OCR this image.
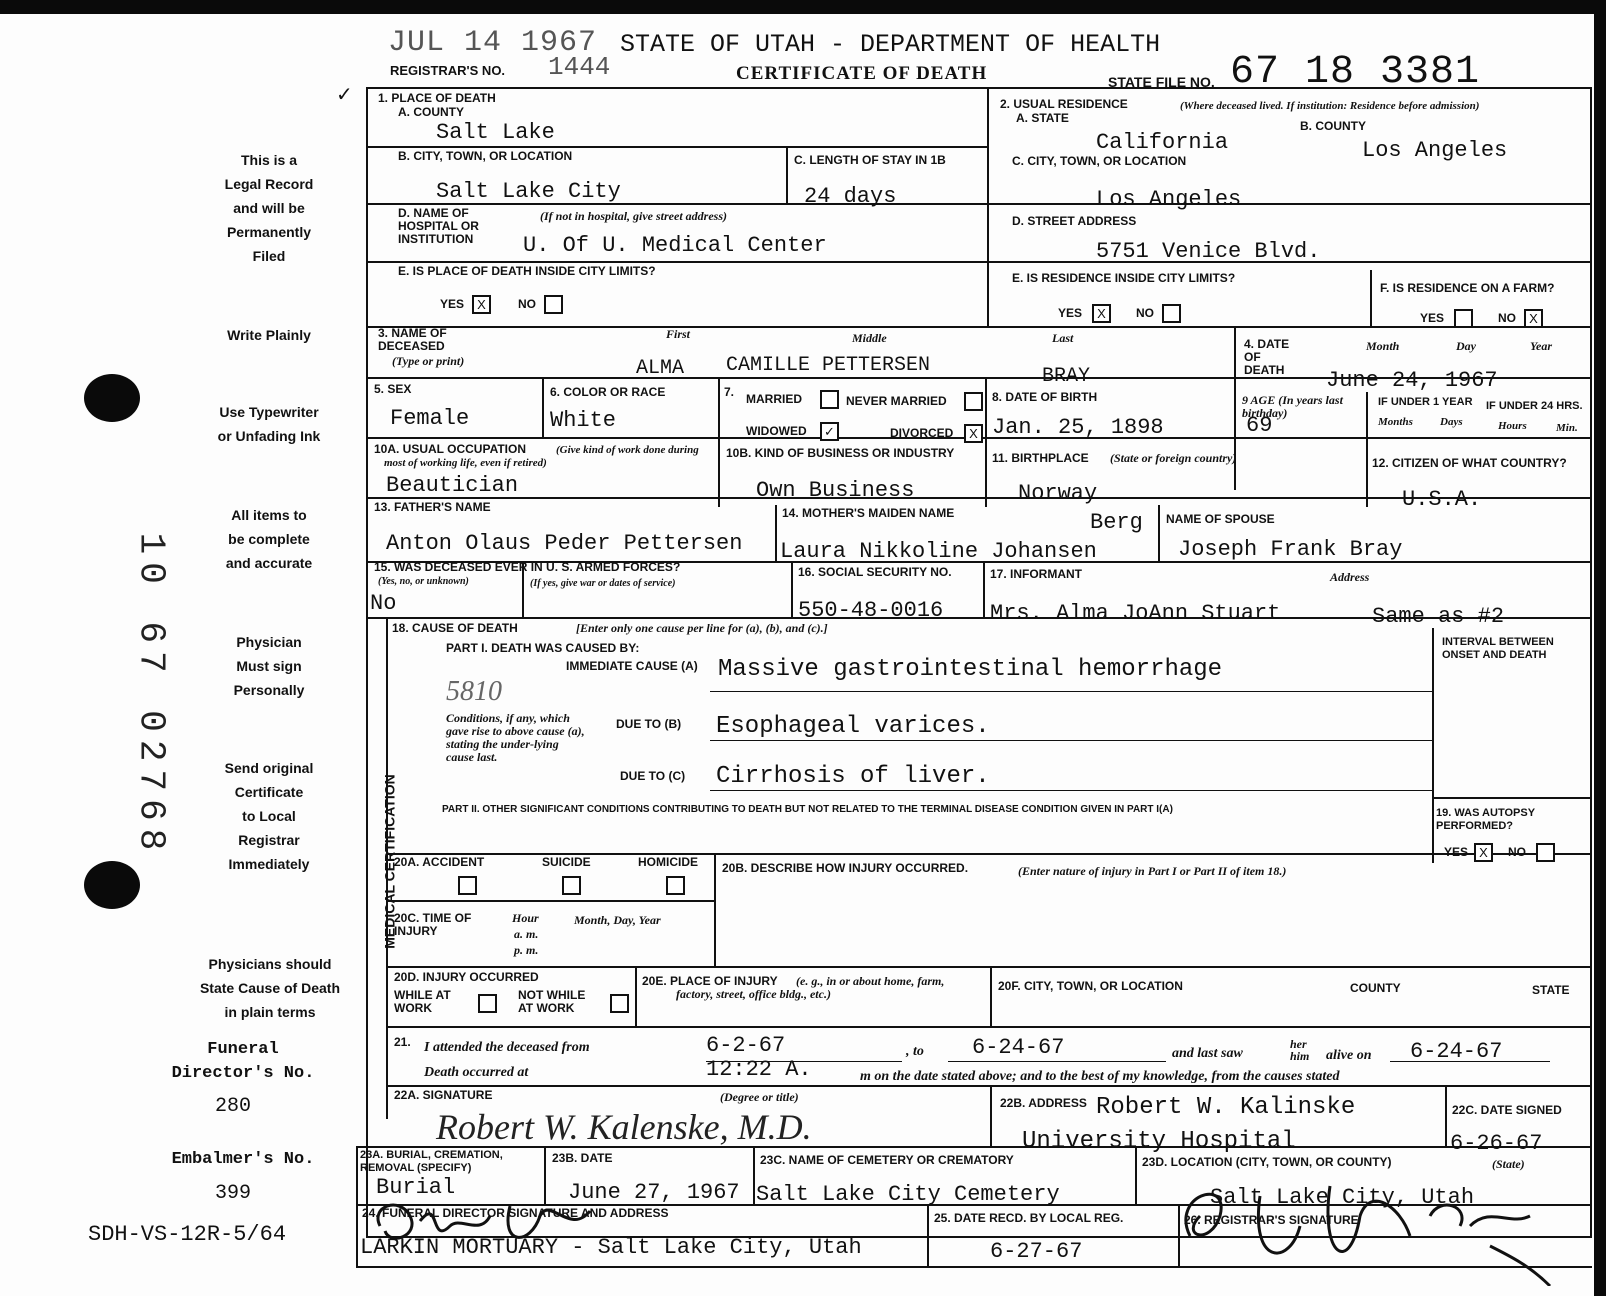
JUL 14 1967 STATE OF UTAH - DEPARTMENT OF HEALTH
REGISTRAR'S NO. 1444	CERTIFICATE OF DEATH	STATE FILE NO. 67 18 3381
✓
This is a
Legal Record
and will be
Permanently
Filed
Write Plainly
Use Typewriter
or Unfading Ink
All items to
be complete
and accurate
Physician
Must sign
Personally
Send original
Certificate
to Local
Registrar
Immediately
Physicians should
State Cause of Death
in plain terms
Funeral
Director's No.
280
Embalmer's No.
399
SDH-VS-12R-5/64
10 67 02768
1. PLACE OF DEATH
A. COUNTY
Salt Lake
B. CITY, TOWN, OR LOCATION
Salt Lake City
C. LENGTH OF STAY IN 1B
24 days
D. NAME OF HOSPITAL OR INSTITUTION
(If not in hospital, give street address)
U. Of U. Medical Center
E. IS PLACE OF DEATH INSIDE CITY LIMITS?
YES	X	NO
2. USUAL RESIDENCE	(Where deceased lived. If institution: Residence before admission)
A. STATE
California
B. COUNTY
Los Angeles
C. CITY, TOWN, OR LOCATION
Los Angeles
D. STREET ADDRESS
5751 Venice Blvd.
E. IS RESIDENCE INSIDE CITY LIMITS?
YES	X	NO
F. IS RESIDENCE ON A FARM?
YES	NO	X
3. NAME OF DECEASED
(Type or print)
First	Middle	Last
ALMA CAMILLE PETTERSEN	BRAY
4. DATE OF DEATH
Month	Day	Year
June 24, 1967
5. SEX
Female
6. COLOR OR RACE
White
7. MARRIED	NEVER MARRIED
WIDOWED	✓	DIVORCED	X
8. DATE OF BIRTH
Jan. 25, 1898
9 AGE (In years last birthday)
69
IF UNDER 1 YEAR IF UNDER 24 HRS.
Months Days	Hours	Min.
10A. USUAL OCCUPATION	(Give kind of work done during most of working life, even if retired)
Beautician
10B. KIND OF BUSINESS OR INDUSTRY
Own Business
11. BIRTHPLACE (State or foreign country)
Norway
12. CITIZEN OF WHAT COUNTRY?
U.S.A.
13. FATHER'S NAME
Anton Olaus Peder Pettersen
14. MOTHER'S MAIDEN NAME	Berg
Laura Nikkoline Johansen
NAME OF SPOUSE
Joseph Frank Bray
15. WAS DECEASED EVER IN U. S. ARMED FORCES?
(Yes, no, or unknown)	(If yes, give war or dates of service)
No
16. SOCIAL SECURITY NO.
550-48-0016
17. INFORMANT	Address
Mrs. Alma JoAnn Stuart	Same as #2
MEDICAL CERTIFICATION
18. CAUSE OF DEATH	[Enter only one cause per line for (a), (b), and (c).]
PART I. DEATH WAS CAUSED BY:
IMMEDIATE CAUSE (A) Massive gastrointestinal hemorrhage
5810
Conditions, if any, which gave rise to above cause (a), stating the under-lying cause last.
DUE TO (B) Esophageal varices.
DUE TO (C) Cirrhosis of liver.
INTERVAL BETWEEN ONSET AND DEATH
PART II. OTHER SIGNIFICANT CONDITIONS CONTRIBUTING TO DEATH BUT NOT RELATED TO THE TERMINAL DISEASE CONDITION GIVEN IN PART I(A)	19. WAS AUTOPSY PERFORMED?
YES X	NO
20A. ACCIDENT	SUICIDE	HOMICIDE 20B. DESCRIBE HOW INJURY OCCURRED.	(Enter nature of injury in Part I or Part II of item 18.)
20C. TIME OF INJURY
Hour
a. m.
p. m.
Month, Day, Year
20D. INJURY OCCURRED
WHILE AT WORK
NOT WHILE AT WORK
20E. PLACE OF INJURY	(e. g., in or about home, farm, factory, street, office bldg., etc.)
20F. CITY, TOWN, OR LOCATION	COUNTY	STATE
21. I attended the deceased from	6-2-67	, to 6-24-67	and last saw
her
him alive on 6-24-67
Death occurred at	12:22 A.	m on the date stated above; and to the best of my knowledge, from the causes stated
22A. SIGNATURE	(Degree or title)
Robert W. Kalenske, M.D.
22B. ADDRESS Robert W. Kalinske
University Hospital
22C. DATE SIGNED
6-26-67
23A. BURIAL, CREMATION, REMOVAL (SPECIFY)
Burial
23B. DATE
June 27, 1967
23C. NAME OF CEMETERY OR CREMATORY
Salt Lake City Cemetery
23D. LOCATION (CITY, TOWN, OR COUNTY)	(State)
Salt Lake City, Utah
24. FUNERAL DIRECTOR SIGNATURE AND ADDRESS
LARKIN MORTUARY - Salt Lake City, Utah
25. DATE RECD. BY LOCAL REG.
6-27-67
26. REGISTRAR'S SIGNATURE
